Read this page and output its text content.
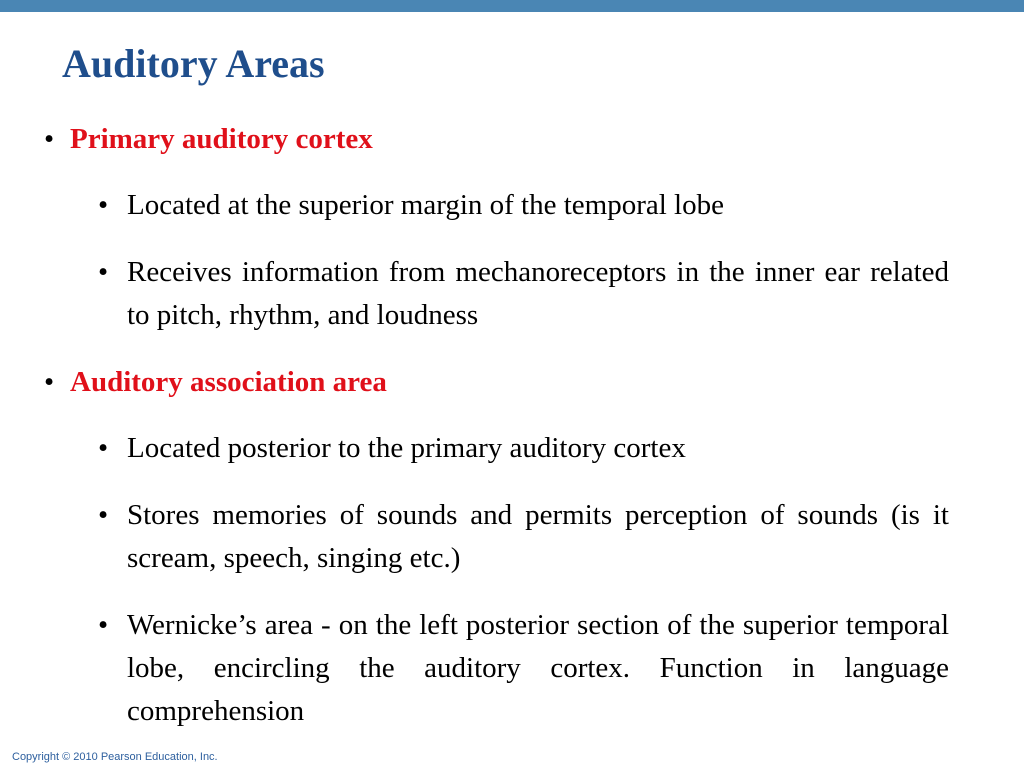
Auditory Areas
• Primary auditory cortex
• Located at the superior margin of the temporal lobe
• Receives information from mechanoreceptors in the inner ear related to pitch, rhythm, and loudness
• Auditory association area
• Located posterior to the primary auditory cortex
• Stores memories of sounds and permits perception of sounds (is it scream, speech, singing etc.)
• Wernicke’s area - on the left posterior section of the superior temporal lobe, encircling the auditory cortex. Function in language comprehension
Copyright © 2010 Pearson Education, Inc.
